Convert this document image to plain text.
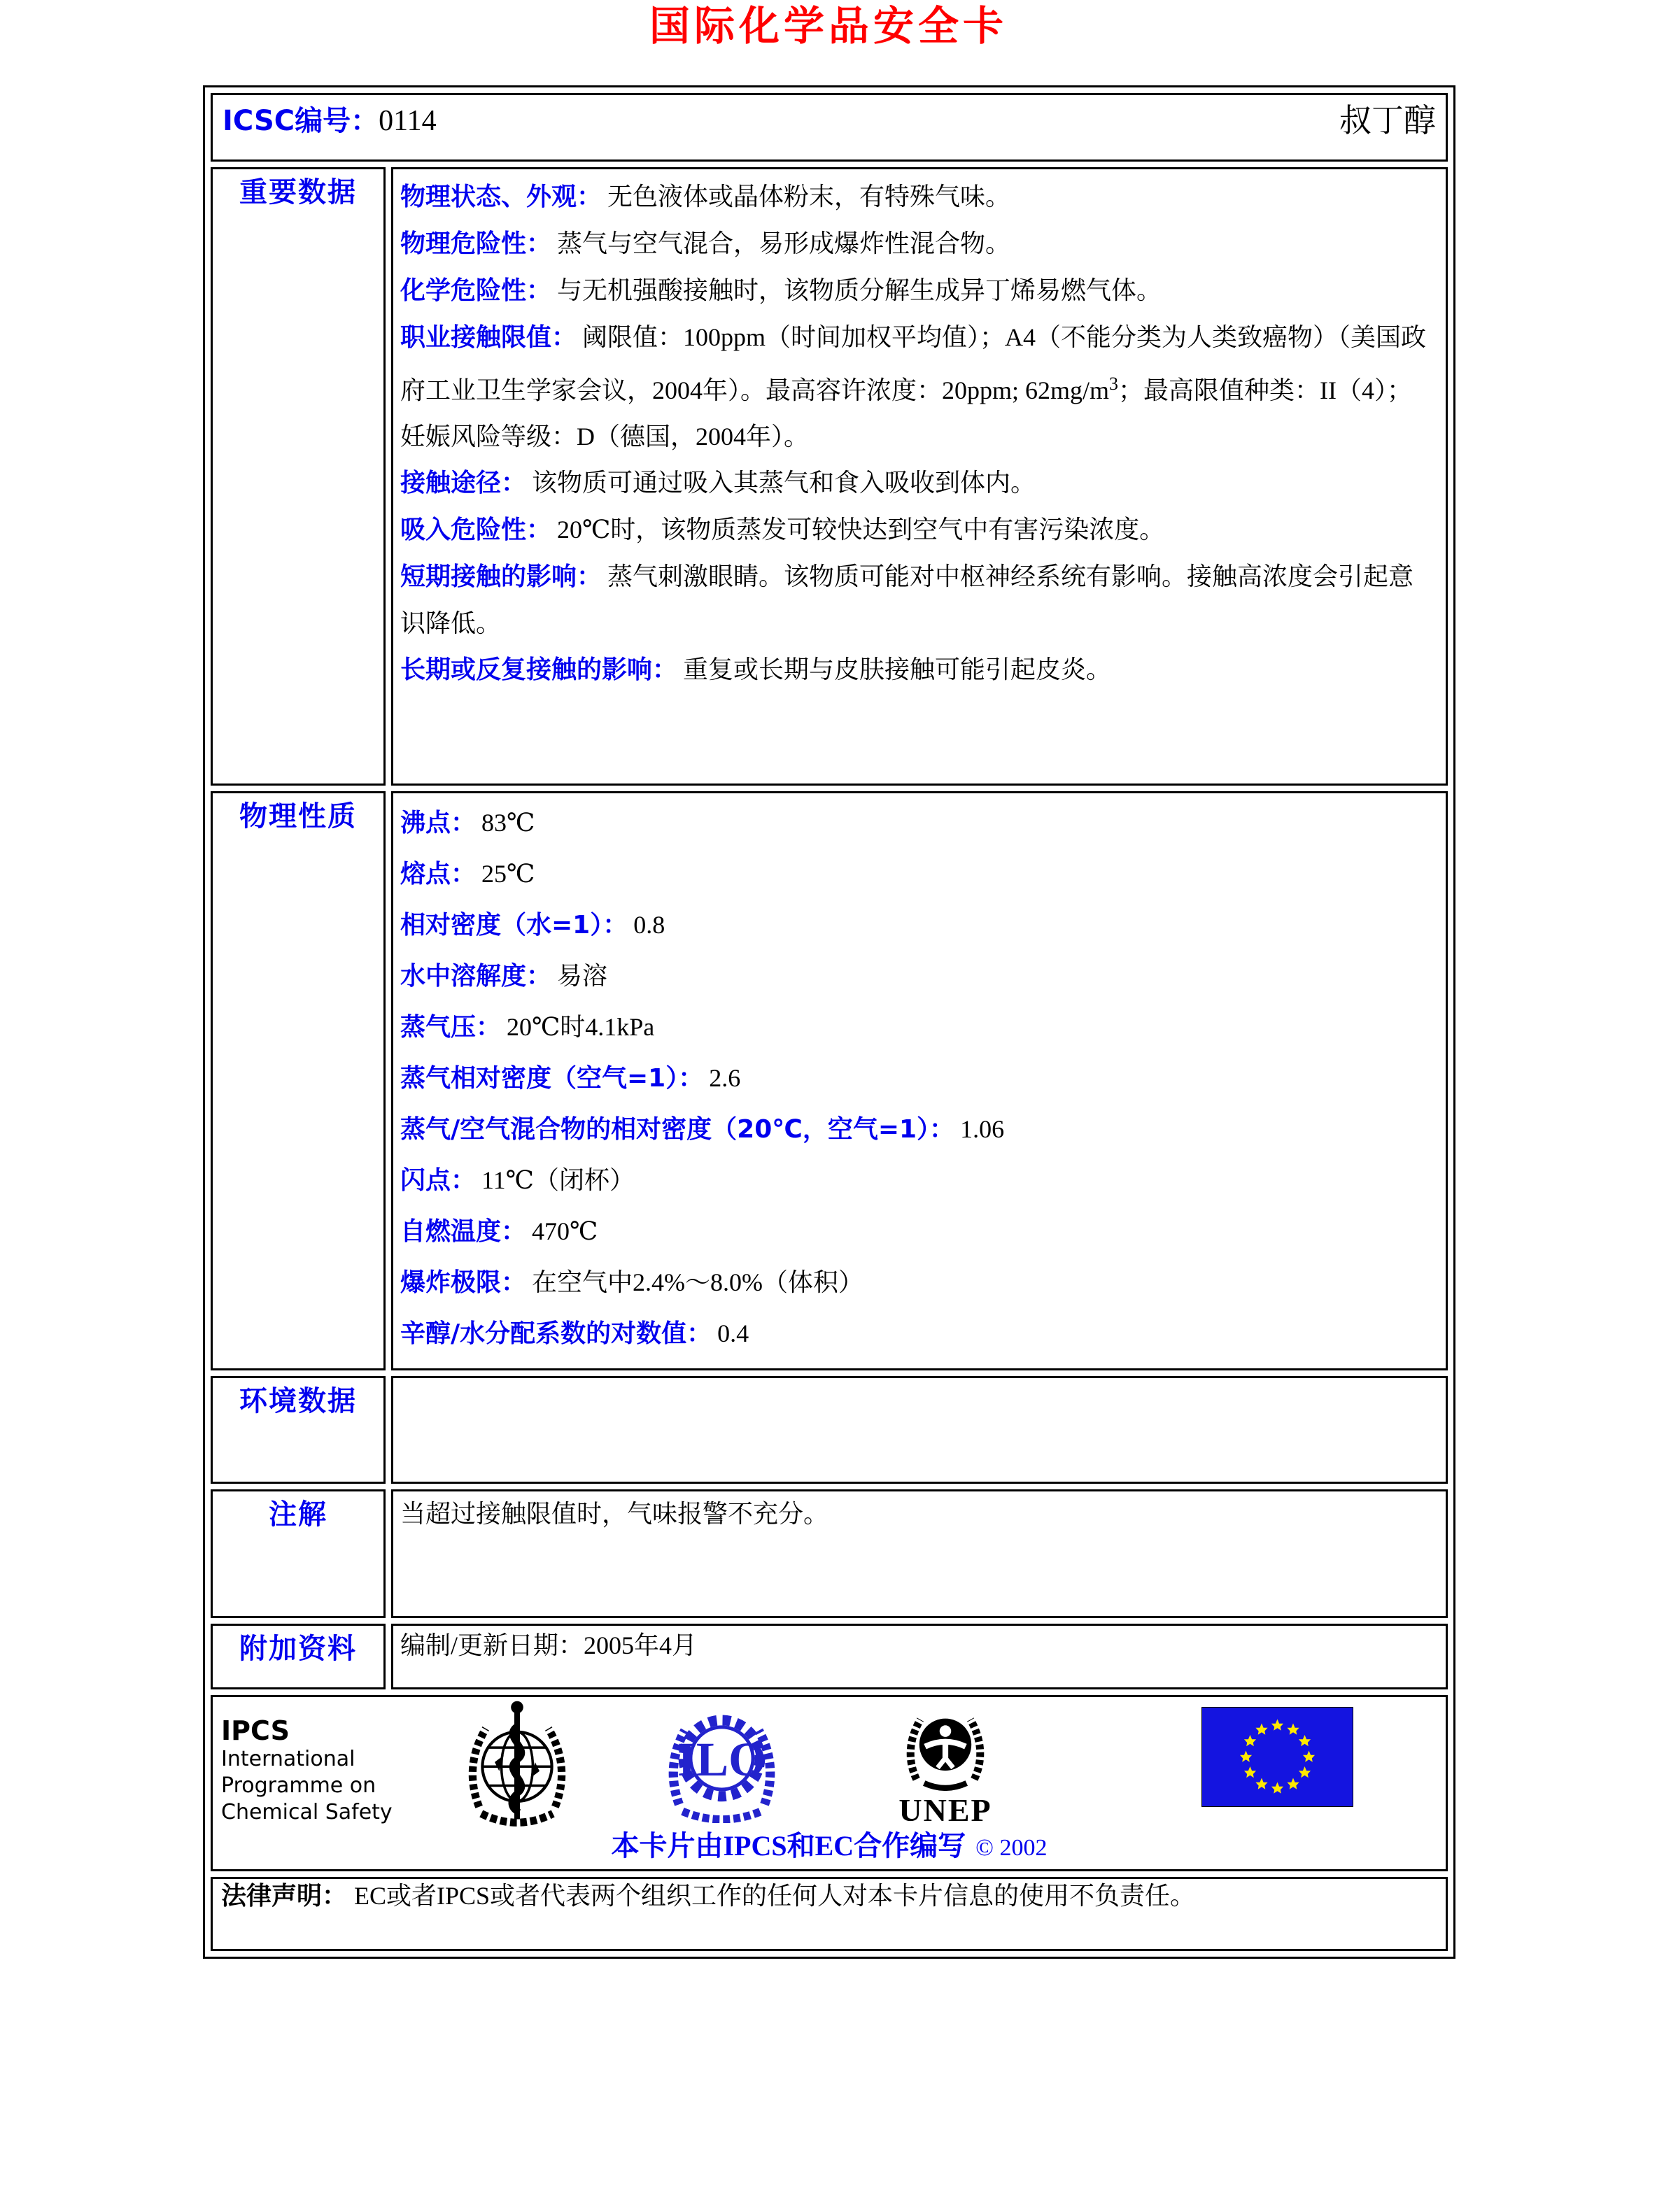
国际化学品安全卡
ICSC编号：0114 叔丁醇	

重要数据	物理状态、外观： 无色液体或晶体粉末，有特殊气味。

物理危险性： 蒸气与空气混合，易形成爆炸性混合物。

化学危险性： 与无机强酸接触时，该物质分解生成异丁烯易燃气体。

职业接触限值： 阈限值：100ppm（时间加权平均值）；A4（不能分类为人类致癌物）（美国政府工业卫生学家会议，2004年）。最高容许浓度：20ppm; $62mg/m^3$；最高限值种类：II（4）；妊娠风险等级：D（德国，2004年）。

接触途径： 该物质可通过吸入其蒸气和食入吸收到体内。

吸入危险性： 20℃时，该物质蒸发可较快达到空气中有害污染浓度。

短期接触的影响： 蒸气刺激眼睛。该物质可能对中枢神经系统有影响。接触高浓度会引起意识降低。

长期或反复接触的影响： 重复或长期与皮肤接触可能引起皮炎。

物理性质	沸点： 83℃

熔点： 25℃

相对密度（水=1）： 0.8

水中溶解度： 易溶

蒸气压： 20℃时4.1kPa

蒸气相对密度（空气=1）： 2.6

蒸气/空气混合物的相对密度（20℃，空气=1）： 1.06

闪点： 11℃（闭杯）

自燃温度： 470℃

爆炸极限： 在空气中2.4%～8.0%（体积）

辛醇/水分配系数的对数值： 0.4

环境数据	
注解	当超过接触限值时，气味报警不充分。

附加资料	编制/更新日期：2005年4月

IPCS
International
Programme on
Chemical Safety
ILO
UNEP
本卡片由IPCS和EC合作编写 © 2002

法律声明： EC或者IPCS或者代表两个组织工作的任何人对本卡片信息的使用不负责任。	
